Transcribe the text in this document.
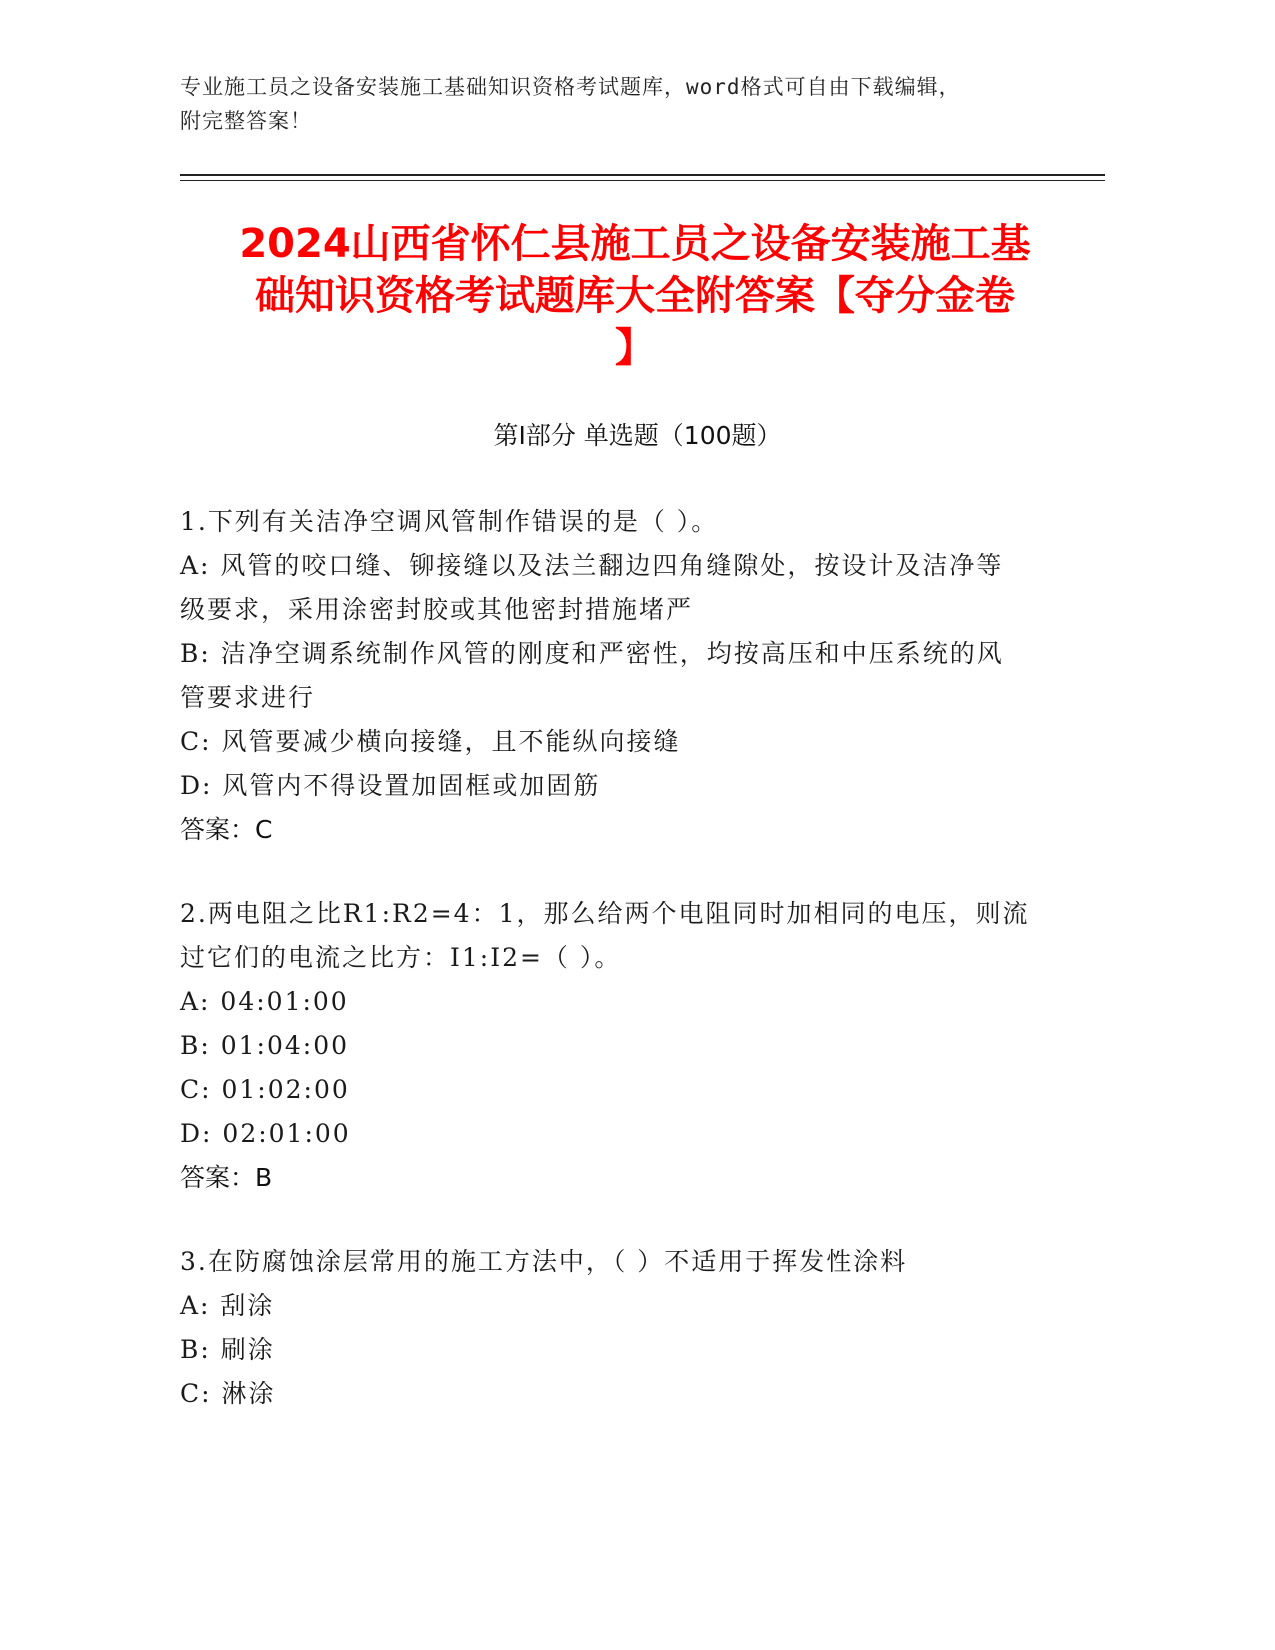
专业施工员之设备安装施工基础知识资格考试题库，word格式可自由下载编辑，
附完整答案！
2024山西省怀仁县施工员之设备安装施工基
础知识资格考试题库大全附答案【夺分金卷
】
第Ⅰ部分 单选题（100题）
1.下列有关洁净空调风管制作错误的是（ ）。
A: 风管的咬口缝、铆接缝以及法兰翻边四角缝隙处，按设计及洁净等级要求，采用涂密封胶或其他密封措施堵严
B: 洁净空调系统制作风管的刚度和严密性，均按高压和中压系统的风管要求进行
C: 风管要减少横向接缝，且不能纵向接缝
D: 风管内不得设置加固框或加固筋
答案：C
2.两电阻之比R1:R2=4：1，那么给两个电阻同时加相同的电压，则流过它们的电流之比方：I1:I2=（ ）。
A: 04:01:00
B: 01:04:00
C: 01:02:00
D: 02:01:00
答案：B
3.在防腐蚀涂层常用的施工方法中，（ ）不适用于挥发性涂料
A: 刮涂
B: 刷涂
C: 淋涂
